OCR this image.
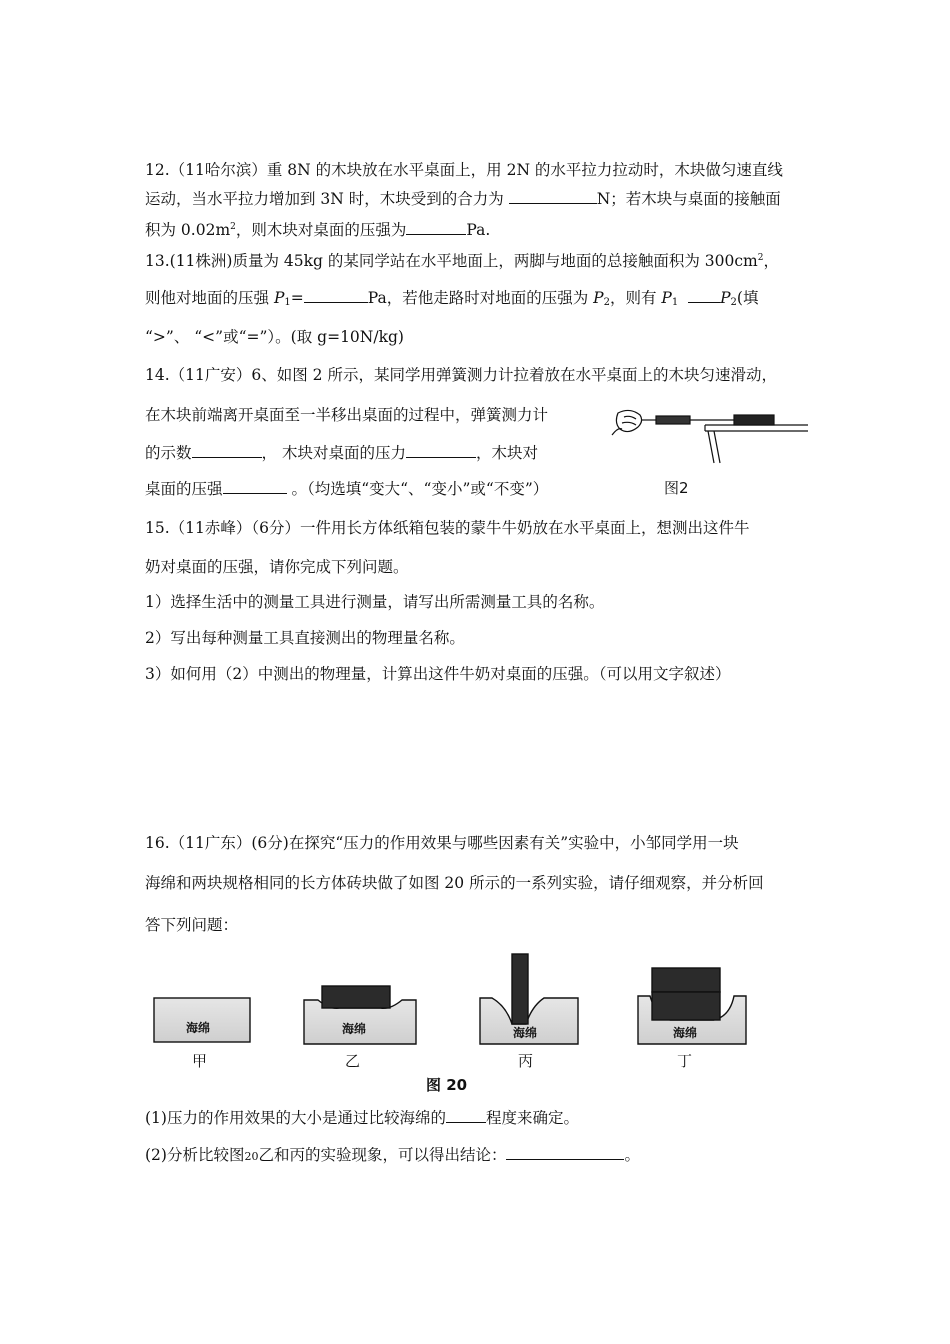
12.（11哈尔滨）重 8N 的木块放在水平桌面上，用 2N 的水平拉力拉动时，木块做匀速直线
运动，当水平拉力增加到 3N 时，木块受到的合力为	N；若木块与桌面的接触面
积为 $0.02m^2$，则木块对桌面的压强为	Pa.
13.(11株洲)质量为 45kg 的某同学站在水平地面上，两脚与地面的总接触面积为 $300cm^2$，
则他对地面的压强 $P_1=$	Pa，若他走路时对地面的压强为 $P_2$，则有 $P_1$	$P_2$(填
“>”、 “<”或“=”）。(取 g=10N/kg)
14.（11广安）6、如图 2 所示，某同学用弹簧测力计拉着放在水平桌面上的木块匀速滑动，
在木块前端离开桌面至一半移出桌面的过程中，弹簧测力计
的示数	， 木块对桌面的压力	，木块对
桌面的压强	。（均选填“变大“、“变小”或“不变”）	图2
15.（11赤峰）（6分）一件用长方体纸箱包装的蒙牛牛奶放在水平桌面上，想测出这件牛
奶对桌面的压强，请你完成下列问题。
1）选择生活中的测量工具进行测量，请写出所需测量工具的名称。
2）写出每种测量工具直接测出的物理量名称。
3）如何用（2）中测出的物理量，计算出这件牛奶对桌面的压强。（可以用文字叙述）
16.（11广东）(6分)在探究“压力的作用效果与哪些因素有关”实验中，小邹同学用一块
海绵和两块规格相同的长方体砖块做了如图 20 所示的一系列实验，请仔细观察，并分析回
答下列问题：
海绵	海绵	海绵	海绵
甲	乙	丙	丁
图 20
(1)压力的作用效果的大小是通过比较海绵的	程度来确定。
(2)分析比较图20乙和丙的实验现象，可以得出结论：	。
